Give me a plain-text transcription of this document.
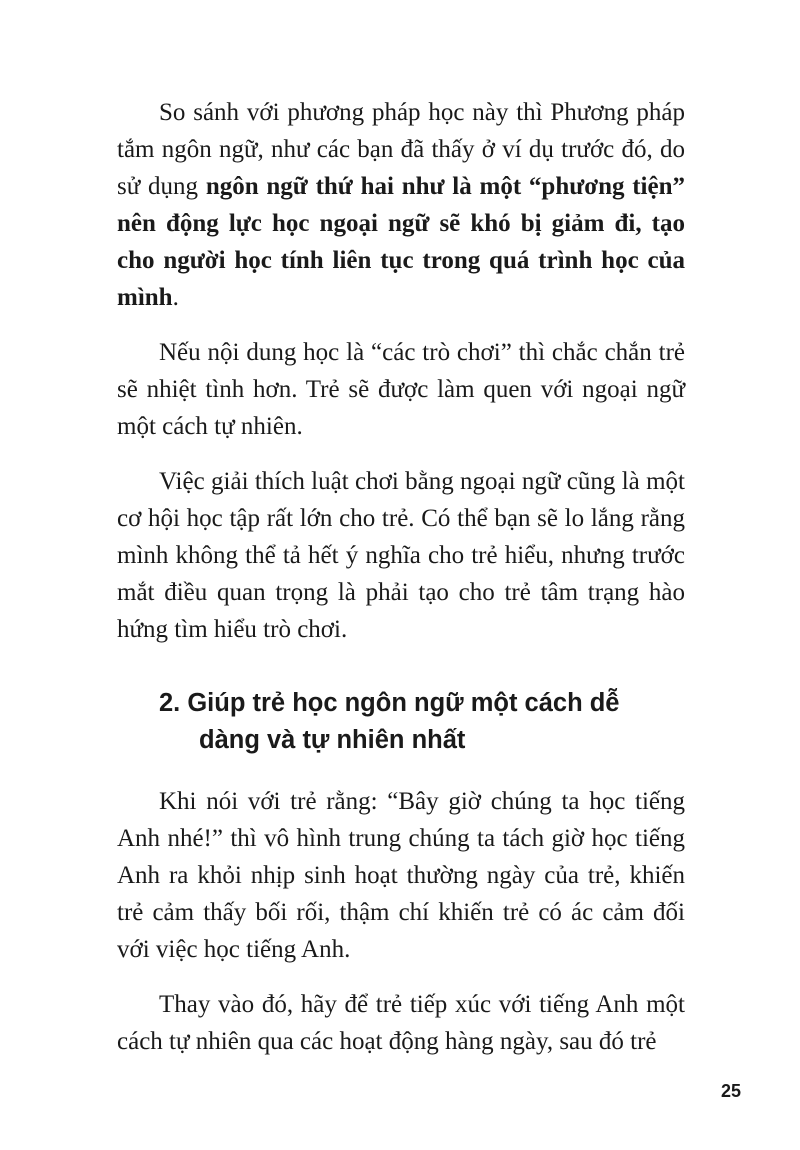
So sánh với phương pháp học này thì Phương pháp tắm ngôn ngữ, như các bạn đã thấy ở ví dụ trước đó, do sử dụng ngôn ngữ thứ hai như là một “phương tiện” nên động lực học ngoại ngữ sẽ khó bị giảm đi, tạo cho người học tính liên tục trong quá trình học của mình.

Nếu nội dung học là “các trò chơi” thì chắc chắn trẻ sẽ nhiệt tình hơn. Trẻ sẽ được làm quen với ngoại ngữ một cách tự nhiên.

Việc giải thích luật chơi bằng ngoại ngữ cũng là một cơ hội học tập rất lớn cho trẻ. Có thể bạn sẽ lo lắng rằng mình không thể tả hết ý nghĩa cho trẻ hiểu, nhưng trước mắt điều quan trọng là phải tạo cho trẻ tâm trạng hào hứng tìm hiểu trò chơi.

2. Giúp trẻ học ngôn ngữ một cách dễ dàng và tự nhiên nhất

Khi nói với trẻ rằng: “Bây giờ chúng ta học tiếng Anh nhé!” thì vô hình trung chúng ta tách giờ học tiếng Anh ra khỏi nhịp sinh hoạt thường ngày của trẻ, khiến trẻ cảm thấy bối rối, thậm chí khiến trẻ có ác cảm đối với việc học tiếng Anh.

Thay vào đó, hãy để trẻ tiếp xúc với tiếng Anh một cách tự nhiên qua các hoạt động hàng ngày, sau đó trẻ

25
